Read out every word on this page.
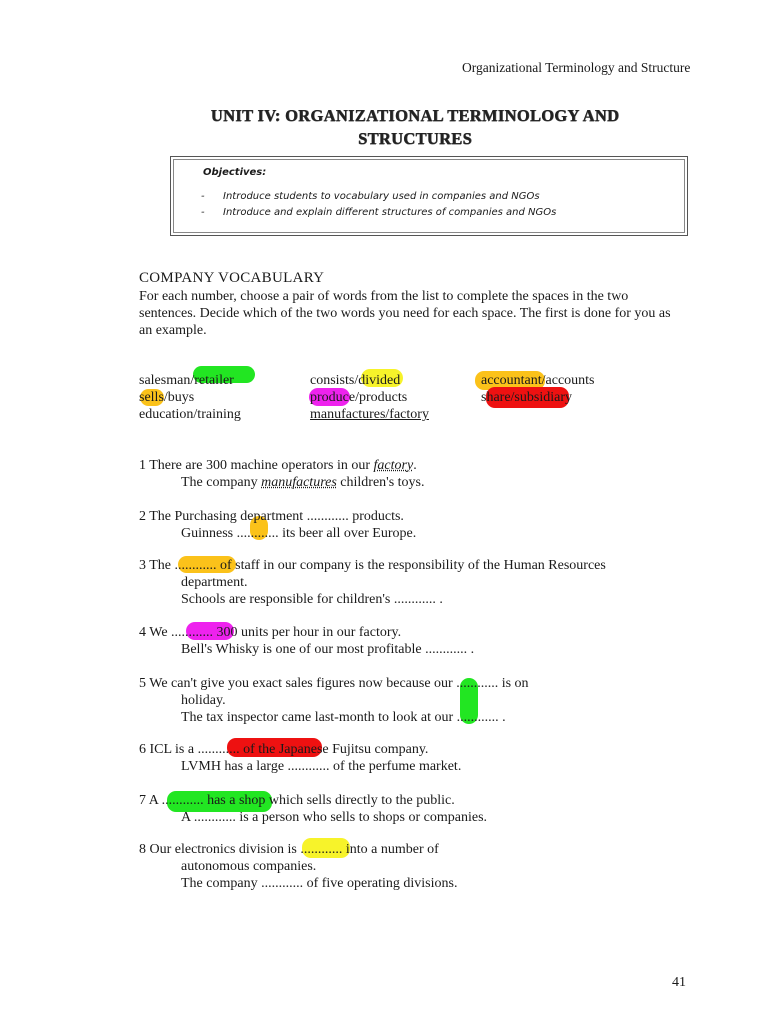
Organizational Terminology and Structure
UNIT IV: ORGANIZATIONAL TERMINOLOGY AND
STRUCTURES
Objectives:
- Introduce students to vocabulary used in companies and NGOs
- Introduce and explain different structures of companies and NGOs
COMPANY VOCABULARY
For each number, choose a pair of words from the list to complete the spaces in the two sentences. Decide which of the two words you need for each space. The first is done for you as an example.
salesman/retailer
sells/buys
education/training
consists/divided
produce/products
manufactures/factory
accountant/accounts
share/subsidiary
1 There are 300 machine operators in our factory.
The company manufactures children's toys.
2 The Purchasing department ............ products.
Guinness ............ its beer all over Europe.
3 The ............ of staff in our company is the responsibility of the Human Resources
department.
Schools are responsible for children's ............ .
4 We ............ 300 units per hour in our factory.
Bell's Whisky is one of our most profitable ............ .
5 We can't give you exact sales figures now because our ............ is on
holiday.
The tax inspector came last-month to look at our ............ .
6 ICL is a ............ of the Japanese Fujitsu company.
LVMH has a large ............ of the perfume market.
7 A ............ has a shop which sells directly to the public.
A ............ is a person who sells to shops or companies.
8 Our electronics division is ............ into a number of
autonomous companies.
The company ............ of five operating divisions.
41
